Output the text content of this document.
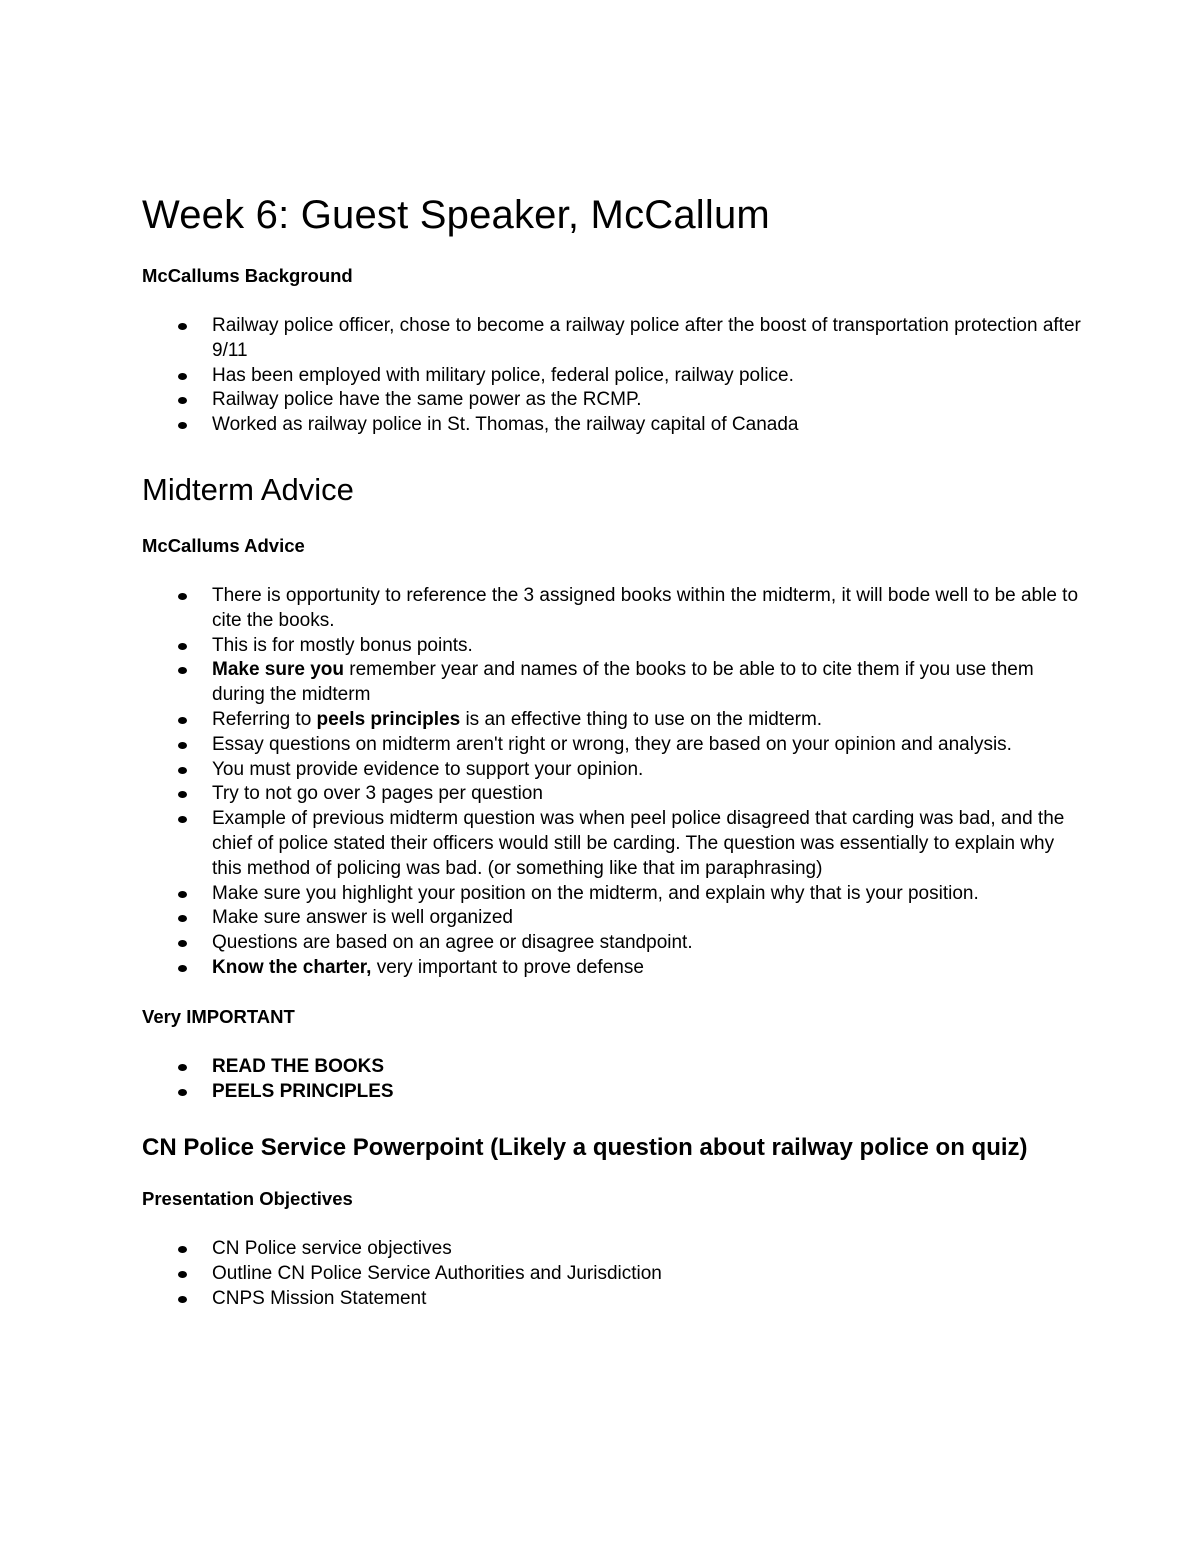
Week 6: Guest Speaker, McCallum
McCallums Background
Railway police officer, chose to become a railway police after the boost of transportation protection after 9/11
Has been employed with military police, federal police, railway police.
Railway police have the same power as the RCMP.
Worked as railway police in St. Thomas, the railway capital of Canada
Midterm Advice
McCallums Advice
There is opportunity to reference the 3 assigned books within the midterm, it will bode well to be able to cite the books.
This is for mostly bonus points.
Make sure you remember year and names of the books to be able to to cite them if you use them during the midterm
Referring to peels principles is an effective thing to use on the midterm.
Essay questions on midterm aren't right or wrong, they are based on your opinion and analysis.
You must provide evidence to support your opinion.
Try to not go over 3 pages per question
Example of previous midterm question was when peel police disagreed that carding was bad, and the chief of police stated their officers would still be carding. The question was essentially to explain why this method of policing was bad. (or something like that im paraphrasing)
Make sure you highlight your position on the midterm, and explain why that is your position.
Make sure answer is well organized
Questions are based on an agree or disagree standpoint.
Know the charter, very important to prove defense
Very IMPORTANT
READ THE BOOKS
PEELS PRINCIPLES
CN Police Service Powerpoint (Likely a question about railway police on quiz)
Presentation Objectives
CN Police service objectives
Outline CN Police Service Authorities and Jurisdiction
CNPS Mission Statement
